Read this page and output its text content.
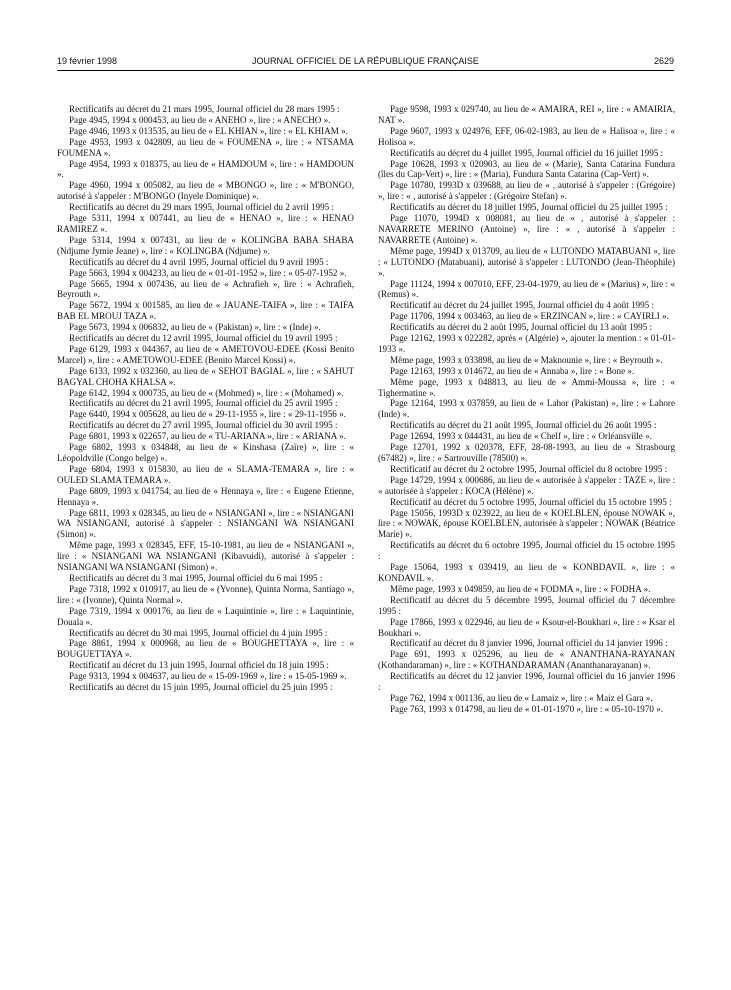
19 février 1998	JOURNAL OFFICIEL DE LA RÉPUBLIQUE FRANÇAISE	2629

Rectificatifs au décret du 21 mars 1995, Journal officiel du 28 mars 1995 :

Page 4945, 1994 x 000453, au lieu de « ANEHO », lire : « ANECHO ».

Page 4946, 1993 x 013535, au lieu de « EL KHIAN », lire : « EL KHIAM ».

Page 4953, 1993 x 042809, au lieu de « FOUMENA », lire : « NTSAMA FOUMENA ».

Page 4954, 1993 x 018375, au lieu de « HAMDOUM », lire : « HAMDOUN ».

Page 4960, 1994 x 005082, au lieu de « MBONGO », lire : « M'BONGO, autorisé à s'appeler : M'BONGO (Inyele Dominique) ».

Rectificatifs au décret du 29 mars 1995, Journal officiel du 2 avril 1995 :

Page 5311, 1994 x 007441, au lieu de « HENAO », lire : « HENAO RAMIREZ ».

Page 5314, 1994 x 007431, au lieu de « KOLINGBA BABA SHABA (Ndjume Jymie Jeane) », lire : « KOLINGBA (Ndjume) ».

Rectificatifs au décret du 4 avril 1995, Journal officiel du 9 avril 1995 :

Page 5663, 1994 x 004233, au lieu de « 01-01-1952 », lire : « 05-07-1952 ».

Page 5665, 1994 x 007436, au lieu de « Achrafieh », lire : « Achrafieh, Beyrouth ».

Page 5672, 1994 x 001585, au lieu de « JAUANE-TAIFA », lire : « TAIFA BAB EL MROUJ TAZA ».

Page 5673, 1994 x 006832, au lieu de « (Pakistan) », lire : « (Inde) ».

Rectificatifs au décret du 12 avril 1995, Journal officiel du 19 avril 1995 :

Page 6129, 1993 x 044367, au lieu de « AMETOVOU-EDEE (Kossi Benito Marcel) », lire : « AMETOWOU-EDEE (Benito Marcel Kossi) ».

Page 6133, 1992 x 032360, au lieu de « SEHOT BAGIAL », lire : « SAHUT BAGYAL CHOHA KHALSA ».

Page 6142, 1994 x 000735, au lieu de « (Mohmed) », lire : « (Mohamed) ».

Rectificatifs au décret du 21 avril 1995, Journal officiel du 25 avril 1995 :

Page 6440, 1994 x 005628, au lieu de « 29-11-1955 », lire : « 29-11-1956 ».

Rectificatifs au décret du 27 avril 1995, Journal officiel du 30 avril 1995 :

Page 6801, 1993 x 022657, au lieu de « TU-ARIANA », lire : « ARIANA ».

Page 6802, 1993 x 034848, au lieu de « Kinshasa (Zaïre) », lire : « Léopoldville (Congo belge) ».

Page 6804, 1993 x 015830, au lieu de « SLAMA-TEMARA », lire : « OULED SLAMA TEMARA ».

Page 6809, 1993 x 041754, au lieu de « Hennaya », lire : « Eugene Etienne, Hennaya ».

Page 6811, 1993 x 028345, au lieu de « NSIANGANI », lire : « NSIANGANI WA NSIANGANI, autorisé à s'appeler : NSIANGANI WA NSIANGANI (Simon) ».

Même page, 1993 x 028345, EFF, 15-10-1981, au lieu de « NSIANGANI », lire : « NSIANGANI WA NSIANGANI (Kibavuidi), autorisé à s'appeler : NSIANGANI WA NSIANGANI (Simon) ».

Rectificatifs au décret du 3 mai 1995, Journal officiel du 6 mai 1995 :

Page 7318, 1992 x 010917, au lieu de « (Yvonne), Quinta Norma, Santiago », lire : « (Ivonne), Quinta Normal ».

Page 7319, 1994 x 000176, au lieu de « Laquintinie », lire : « Laquintinie, Douala ».

Rectificatifs au décret du 30 mai 1995, Journal officiel du 4 juin 1995 :

Page 8861, 1994 x 000968, au lieu de « BOUGHETTAYA », lire : « BOUGUETTAYA ».

Rectificatif au décret du 13 juin 1995, Journal officiel du 18 juin 1995 :

Page 9313, 1994 x 004637, au lieu de « 15-09-1969 », lire : « 15-05-1969 ».

Rectificatifs au décret du 15 juin 1995, Journal officiel du 25 juin 1995 :

Page 9598, 1993 x 029740, au lieu de « AMAIRA, REI », lire : « AMAIRIA, NAT ».

Page 9607, 1993 x 024976, EFF, 06-02-1983, au lieu de « Halisoa », lire : « Holisoa ».

Rectificatifs au décret du 4 juillet 1995, Journal officiel du 16 juillet 1995 :

Page 10628, 1993 x 020903, au lieu de « (Marie), Santa Catarina Fundura (îles du Cap-Vert) », lire : « (Maria), Fundura Santa Catarina (Cap-Vert) ».

Page 10780, 1993D x 039688, au lieu de « , autorisé à s'appeler : (Grégoire) », lire : « , autorisé à s'appeler : (Grégoire Stefan) ».

Rectificatifs au décret du 18 juillet 1995, Journal officiel du 25 juillet 1995 :

Page 11070, 1994D x 008081, au lieu de « , autorisé à s'appeler : NAVARRETE MERINO (Antoine) », lire : « , autorisé à s'appeler : NAVARRETE (Antoine) ».

Même page, 1994D x 013709, au lieu de « LUTONDO MATABUANI », lire : « LUTONDO (Matabuani), autorisé à s'appeler : LUTONDO (Jean-Théophile) ».

Page 11124, 1994 x 007010, EFF, 23-04-1979, au lieu de « (Marius) », lire : « (Remus) ».

Rectificatif au décret du 24 juillet 1995, Journal officiel du 4 août 1995 :

Page 11706, 1994 x 003463, au lieu de « ERZINCAN », lire : « CAYIRLI ».

Rectificatifs au décret du 2 août 1995, Journal officiel du 13 août 1995 :

Page 12162, 1993 x 022282, après « (Algérie) », ajouter la mention : « 01-01-1933 ».

Même page, 1993 x 033898, au lieu de « Maknounie », lire : « Beyrouth ».

Page 12163, 1993 x 014672, au lieu de « Annaba », lire : « Bone ».

Même page, 1993 x 048813, au lieu de « Ammi-Moussa », lire : « Tighermatine ».

Page 12164, 1993 x 037859, au lieu de « Lahor (Pakistan) », lire : « Lahore (Inde) ».

Rectificatifs au décret du 21 août 1995, Journal officiel du 26 août 1995 :

Page 12694, 1993 x 044431, au lieu de « Chelf », lire : « Orléansville ».

Page 12701, 1992 x 020378, EFF, 28-08-1993, au lieu de « Strasbourg (67482) », lire : « Sartrouville (78500) ».

Rectificatif au décret du 2 octobre 1995, Journal officiel du 8 octobre 1995 :

Page 14729, 1994 x 000686, au lieu de « autorisée à s'appeler : TAZE », lire : « autorisée à s'appeler : KOCA (Hélène) ».

Rectificatif au décret du 5 octobre 1995, Journal officiel du 15 octobre 1995 :

Page 15056, 1993D x 023922, au lieu de « KOELBLEN, épouse NOWAK », lire : « NOWAK, épouse KOELBLEN, autorisée à s'appeler : NOWAK (Béatrice Marie) ».

Rectificatifs au décret du 6 octobre 1995, Journal officiel du 15 octobre 1995 :

Page 15064, 1993 x 039419, au lieu de « KONBDAVIL », lire : « KONDAVIL ».

Même page, 1993 x 049859, au lieu de « FODMA », lire : « FODHA ».

Rectificatif au décret du 5 décembre 1995, Journal officiel du 7 décembre 1995 :

Page 17866, 1993 x 022946, au lieu de « Ksour-el-Boukhari », lire : « Ksar el Boukhari ».

Rectificatif au décret du 8 janvier 1996, Journal officiel du 14 janvier 1996 :

Page 691, 1993 x 025296, au lieu de « ANANTHANA-RAYANAN (Kothandaraman) », lire : « KOTHANDARAMAN (Ananthanarayanan) ».

Rectificatifs au décret du 12 janvier 1996, Journal officiel du 16 janvier 1996 :

Page 762, 1994 x 001136, au lieu de « Lamaiz », lire : « Maiz el Gara ».

Page 763, 1993 x 014798, au lieu de « 01-01-1970 », lire : « 05-10-1970 ».
